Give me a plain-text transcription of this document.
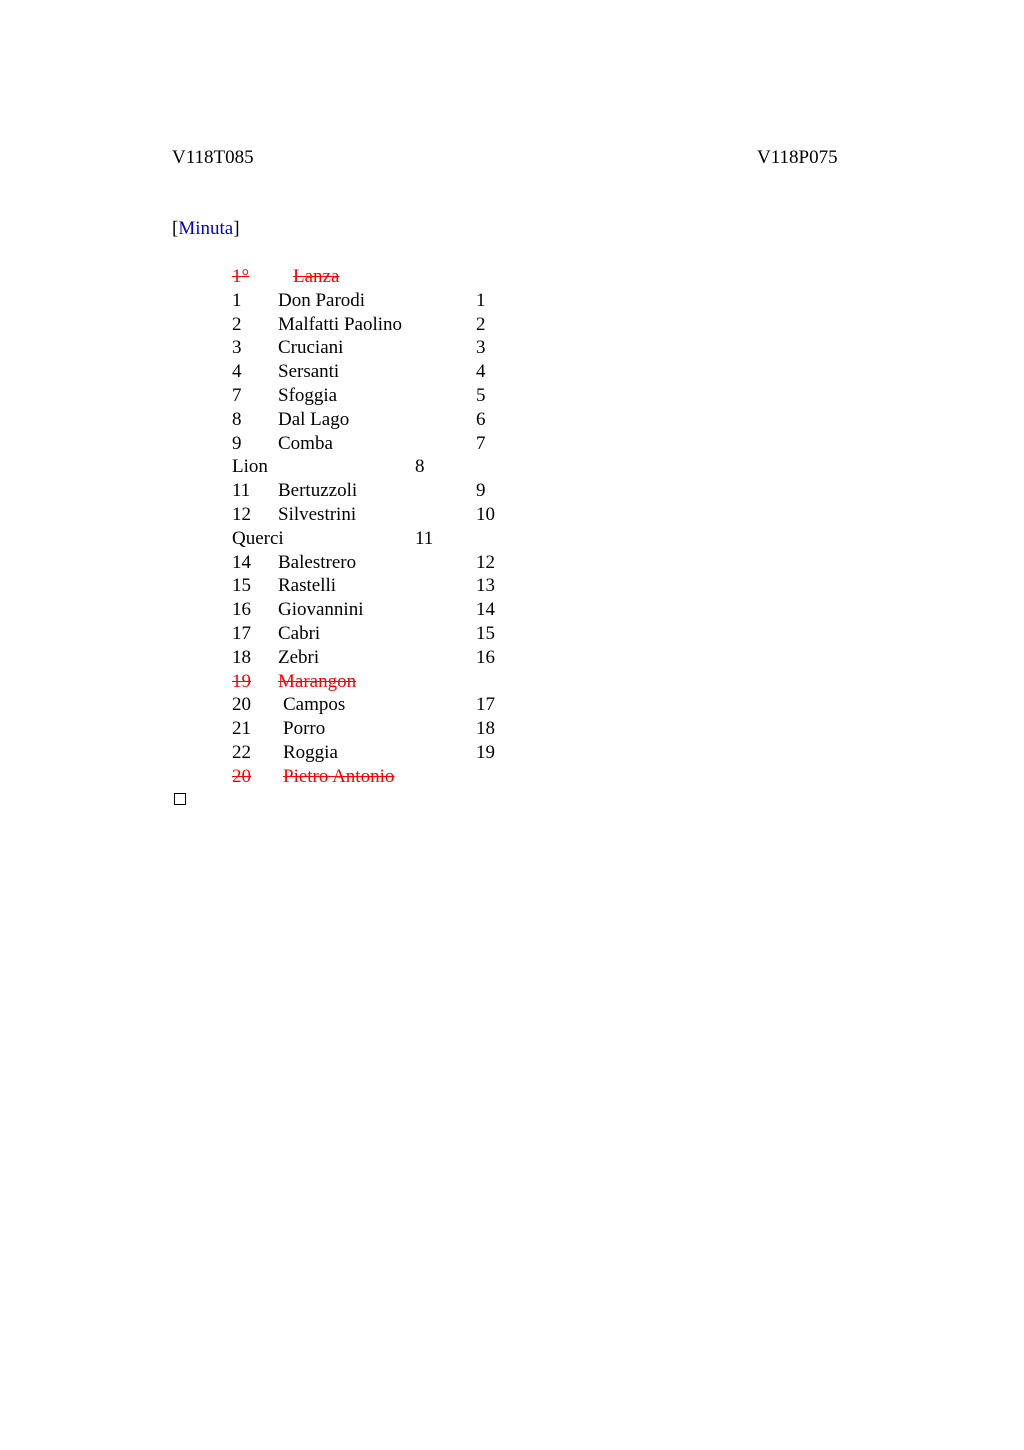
V118T085	V118P075
[Minuta]
1° Lanza
1 Don Parodi	1
2 Malfatti Paolino	2
3 Cruciani	3
4 Sersanti	4
7 Sfoggia	5
8 Dal Lago	6
9 Comba	7
Lion	8
11 Bertuzzoli	9
12 Silvestrini	10
Querci	11
14 Balestrero	12
15 Rastelli	13
16 Giovannini	14
17 Cabri	15
18 Zebri	16
19 Marangon
20 Campos	17
21 Porro	18
22 Roggia	19
20 Pietro Antonio
